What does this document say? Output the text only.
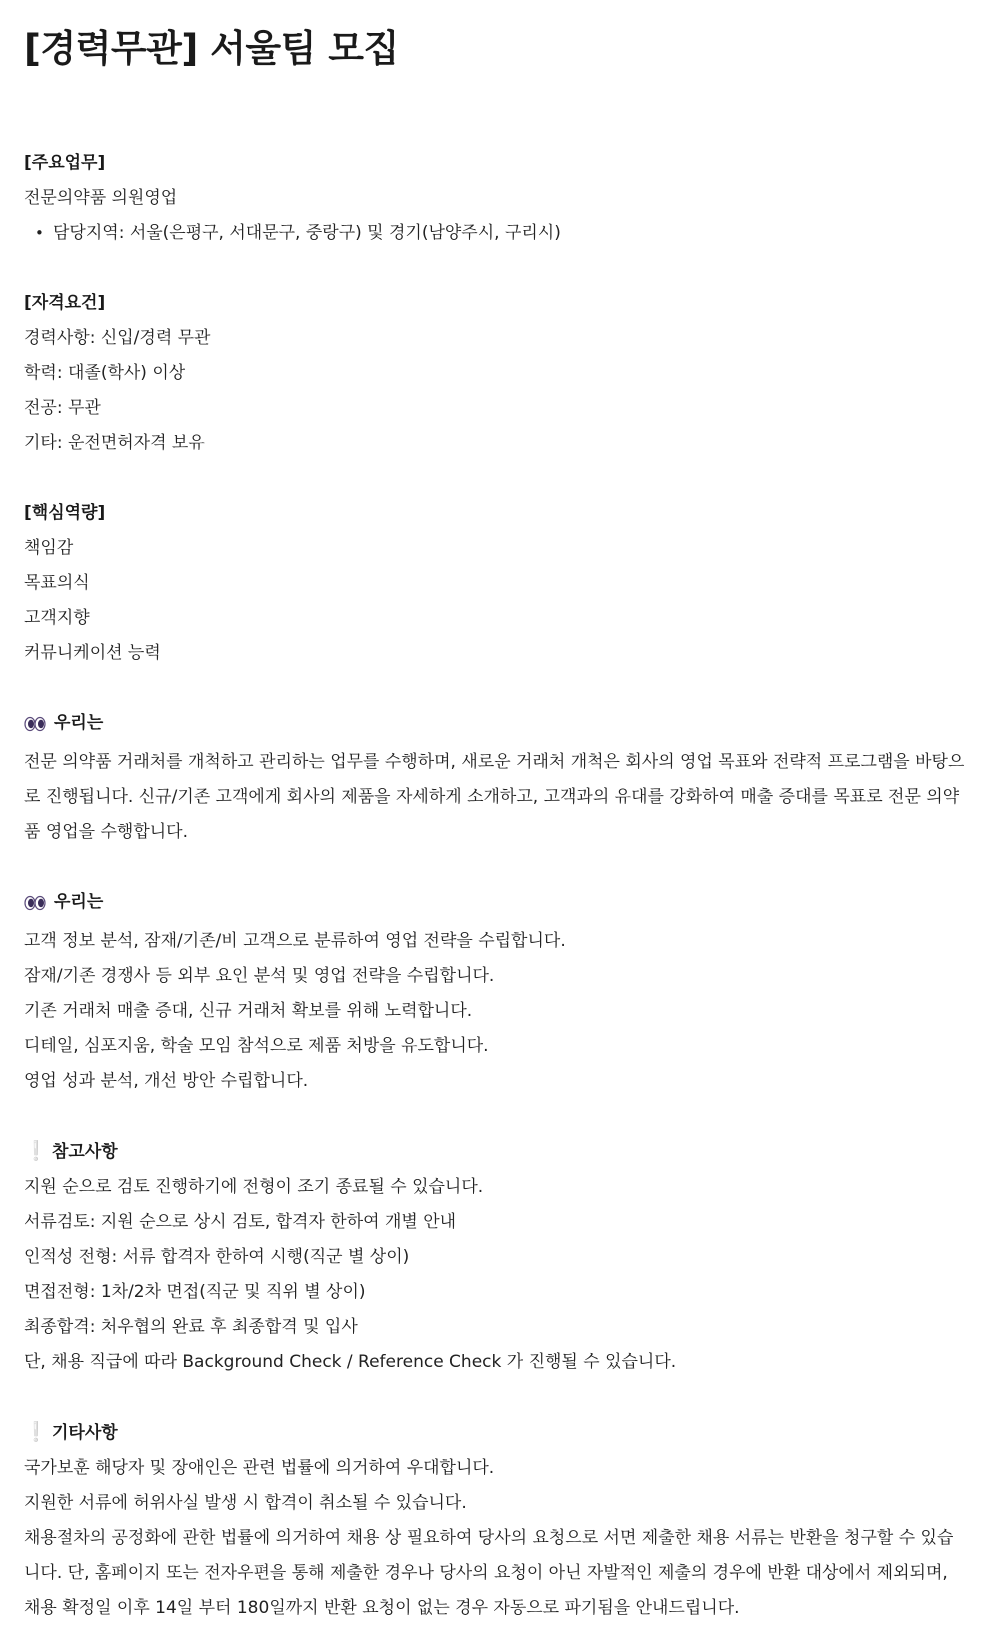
[경력무관] 서울팀 모집
[주요업무]
전문의약품 의원영업
• 담당지역: 서울(은평구, 서대문구, 중랑구) 및 경기(남양주시, 구리시)
[자격요건]
경력사항: 신입/경력 무관
학력: 대졸(학사) 이상
전공: 무관
기타: 운전면허자격 보유
[핵심역량]
책임감
목표의식
고객지향
커뮤니케이션 능력
우리는
전문 의약품 거래처를 개척하고 관리하는 업무를 수행하며, 새로운 거래처 개척은 회사의 영업 목표와 전략적 프로그램을 바탕으로 진행됩니다. 신규/기존 고객에게 회사의 제품을 자세하게 소개하고, 고객과의 유대를 강화하여 매출 증대를 목표로 전문 의약품 영업을 수행합니다.
우리는
고객 정보 분석, 잠재/기존/비 고객으로 분류하여 영업 전략을 수립합니다.
잠재/기존 경쟁사 등 외부 요인 분석 및 영업 전략을 수립합니다.
기존 거래처 매출 증대, 신규 거래처 확보를 위해 노력합니다.
디테일, 심포지움, 학술 모임 참석으로 제품 처방을 유도합니다.
영업 성과 분석, 개선 방안 수립합니다.
❕ 참고사항
지원 순으로 검토 진행하기에 전형이 조기 종료될 수 있습니다.
서류검토: 지원 순으로 상시 검토, 합격자 한하여 개별 안내
인적성 전형: 서류 합격자 한하여 시행(직군 별 상이)
면접전형: 1차/2차 면접(직군 및 직위 별 상이)
최종합격: 처우협의 완료 후 최종합격 및 입사
단, 채용 직급에 따라 Background Check / Reference Check 가 진행될 수 있습니다.
❕ 기타사항
국가보훈 해당자 및 장애인은 관련 법률에 의거하여 우대합니다.
지원한 서류에 허위사실 발생 시 합격이 취소될 수 있습니다.
채용절차의 공정화에 관한 법률에 의거하여 채용 상 필요하여 당사의 요청으로 서면 제출한 채용 서류는 반환을 청구할 수 있습니다. 단, 홈페이지 또는 전자우편을 통해 제출한 경우나 당사의 요청이 아닌 자발적인 제출의 경우에 반환 대상에서 제외되며, 채용 확정일 이후 14일 부터 180일까지 반환 요청이 없는 경우 자동으로 파기됨을 안내드립니다.
